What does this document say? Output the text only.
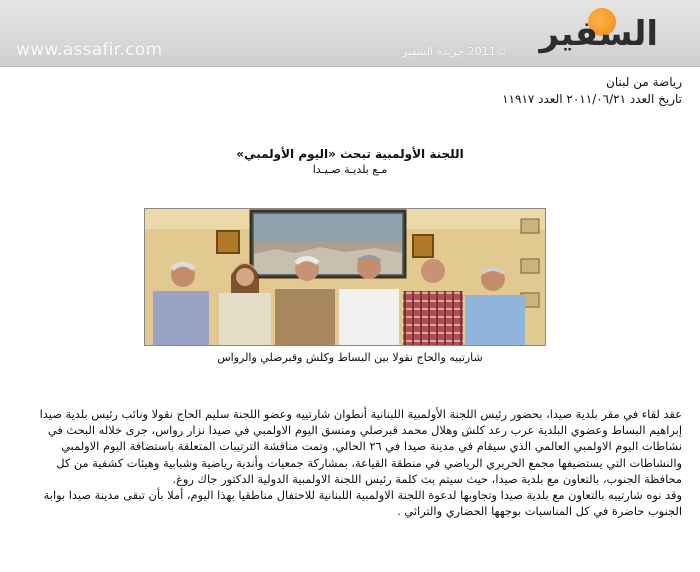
www.assafir.com	©2011 جريدة السفير السفير
رياضة من لبنان
تاريخ العدد ٢٠١١/٠٦/٢١ العدد ١١٩١٧
اللجنة الأولمبية تبحث «اليوم الأولمبي»
مـع بلديـة صـيـدا
شارتييه والحاج نقولا بين البساط وكلش وقبرصلي والرواس

عقد لقاء في مقر بلدية صيدا، بحضور رئيس اللجنة الأولمبية اللبنانية أنطوان شارتييه وعضو اللجنة سليم الحاج نقولا ونائب رئيس بلدية صيدا إبراهيم البساط وعضوي البلدية عرب رعد كلش وهلال محمد قبرصلي ومنسق اليوم الاولمبي في صيدا نزار رواس، جرى خلاله البحث في نشاطات اليوم الاولمبي العالمي الذي سيقام في مدينة صيدا في ٢٦ الحالي. وتمت مناقشة الترتيبات المتعلقة باستضافة اليوم الاولمبي والنشاطات التي يستضيفها مجمع الحريري الرياضي في منطقة القياعة، بمشاركة جمعيات وأندية رياضية وشبابية وهيئات كشفية من كل محافظة الجنوب، بالتعاون مع بلدية صيدا، حيث سيتم بث كلمة رئيس اللجنة الاولمبية الدولية الدكتور جاك روغ.

وقد نوه شارتييه بالتعاون مع بلدية صيدا وتجاوبها لدعوة اللجنة الاولمبية اللبنانية للاحتفال مناطقيا بهذا اليوم، أملا بأن تبقى مدينة صيدا بوابة الجنوب حاضرة في كل المناسبات بوجهها الحضاري والتراثي .
